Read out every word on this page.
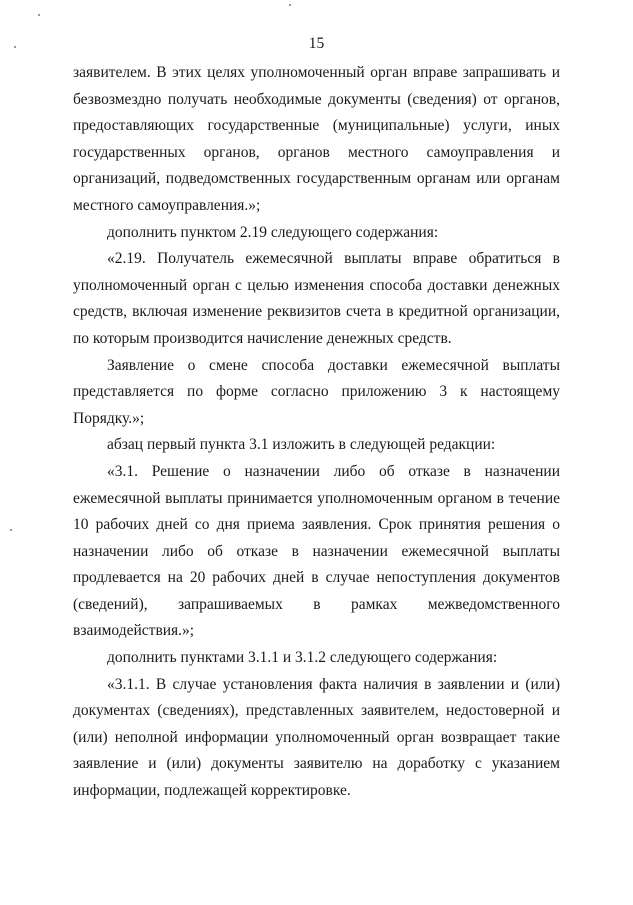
15

заявителем. В этих целях уполномоченный орган вправе запрашивать и безвозмездно получать необходимые документы (сведения) от органов, предоставляющих государственные (муниципальные) услуги, иных государственных органов, органов местного самоуправления и организаций, подведомственных государственным органам или органам местного самоуправления.»;

дополнить пунктом 2.19 следующего содержания:

«2.19. Получатель ежемесячной выплаты вправе обратиться в уполномоченный орган с целью изменения способа доставки денежных средств, включая изменение реквизитов счета в кредитной организации, по которым производится начисление денежных средств.

Заявление о смене способа доставки ежемесячной выплаты представляется по форме согласно приложению 3 к настоящему Порядку.»;

абзац первый пункта 3.1 изложить в следующей редакции:

«3.1. Решение о назначении либо об отказе в назначении ежемесячной выплаты принимается уполномоченным органом в течение 10 рабочих дней со дня приема заявления. Срок принятия решения о назначении либо об отказе в назначении ежемесячной выплаты продлевается на 20 рабочих дней в случае непоступления документов (сведений), запрашиваемых в рамках межведомственного взаимодействия.»;

дополнить пунктами 3.1.1 и 3.1.2 следующего содержания:

«3.1.1. В случае установления факта наличия в заявлении и (или) документах (сведениях), представленных заявителем, недостоверной и (или) неполной информации уполномоченный орган возвращает такие заявление и (или) документы заявителю на доработку с указанием информации, подлежащей корректировке.
